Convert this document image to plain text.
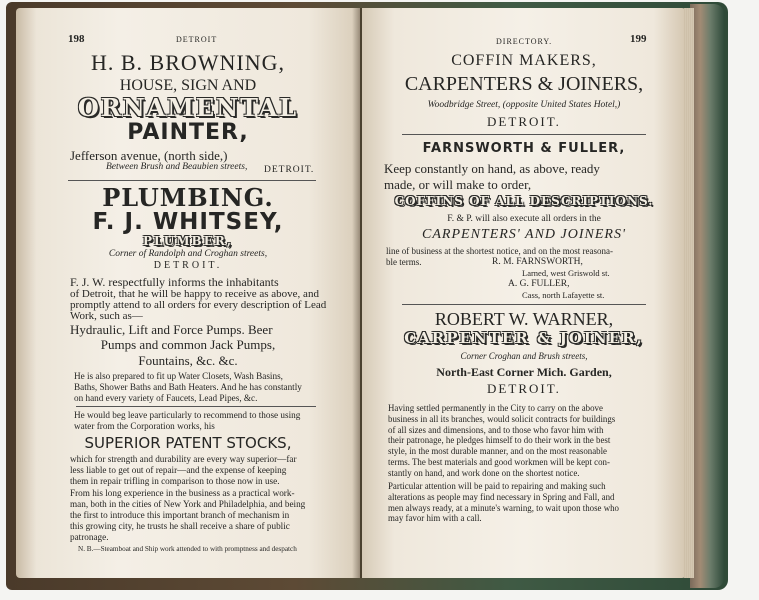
198	DETROIT
H. B. BROWNING,
HOUSE, SIGN AND
ORNAMENTAL
PAINTER,
Jefferson avenue, (north side,)
Between Brush and Beaubien streets, DETROIT.
PLUMBING.
F. J. WHITSEY,
PLUMBER,
Corner of Randolph and Croghan streets,
DETROIT.
F. J. W. respectfully informs the inhabitants
of Detroit, that he will be happy to receive as above, and
promptly attend to all orders for every description of Lead
Work, such as—
Hydraulic, Lift and Force Pumps. Beer
Pumps and common Jack Pumps,
Fountains, &c. &c.
He is also prepared to fit up Water Closets, Wash Basins,
Baths, Shower Baths and Bath Heaters. And he has constantly
on hand every variety of Faucets, Lead Pipes, &c.
He would beg leave particularly to recommend to those using
water from the Corporation works, his
SUPERIOR PATENT STOCKS,
which for strength and durability are every way superior—far
less liable to get out of repair—and the expense of keeping
them in repair trifling in comparison to those now in use.
From his long experience in the business as a practical work-
man, both in the cities of New York and Philadelphia, and being
the first to introduce this important branch of mechanism in
this growing city, he trusts he shall receive a share of public
patronage.
N. B.—Steamboat and Ship work attended to with promptness and despatch
DIRECTORY.	199
COFFIN MAKERS,
CARPENTERS & JOINERS,
Woodbridge Street, (opposite United States Hotel,)
DETROIT.
FARNSWORTH & FULLER,
Keep constantly on hand, as above, ready
made, or will make to order,
COFFINS OF ALL DESCRIPTIONS.
F. & P. will also execute all orders in the
CARPENTERS' AND JOINERS'
line of business at the shortest notice, and on the most reasona-
ble terms.	R. M. FARNSWORTH,
Larned, west Griswold st.
A. G. FULLER,
Cass, north Lafayette st.
ROBERT W. WARNER,
CARPENTER & JOINER,
Corner Croghan and Brush streets,
North-East Corner Mich. Garden,
DETROIT.
Having settled permanently in the City to carry on the above
business in all its branches, would solicit contracts for buildings
of all sizes and dimensions, and to those who favor him with
their patronage, he pledges himself to do their work in the best
style, in the most durable manner, and on the most reasonable
terms. The best materials and good workmen will be kept con-
stantly on hand, and work done on the shortest notice.
Particular attention will be paid to repairing and making such
alterations as people may find necessary in Spring and Fall, and
men always ready, at a minute's warning, to wait upon those who
may favor him with a call.
